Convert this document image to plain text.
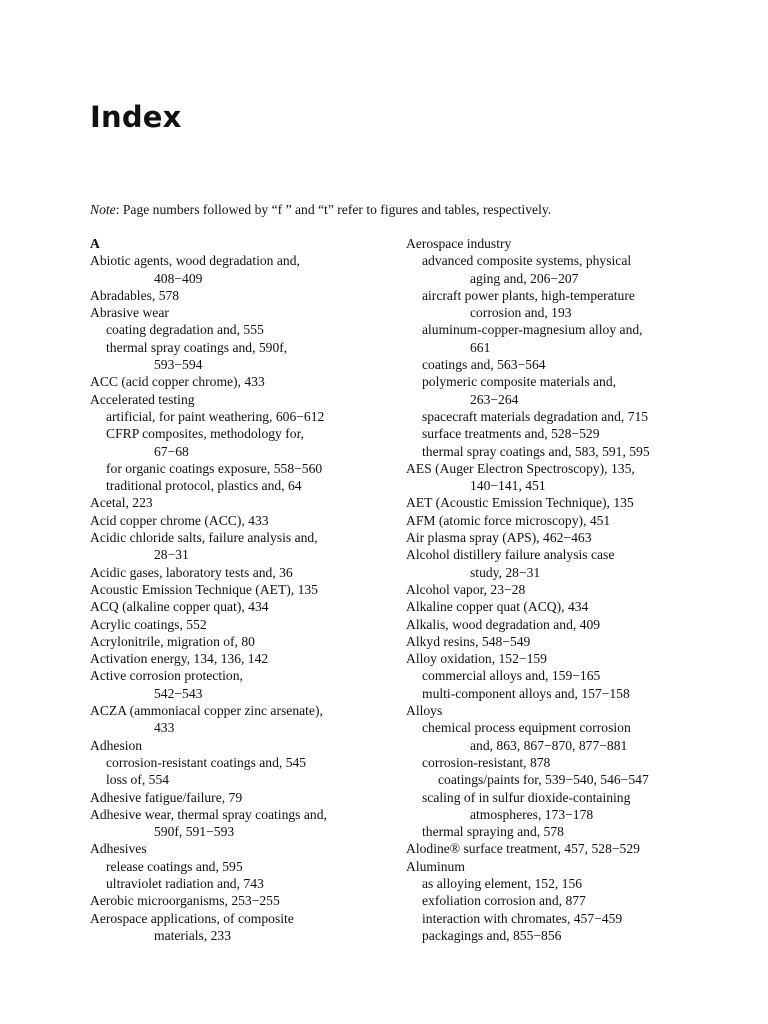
Index
Note: Page numbers followed by “f ” and “t” refer to figures and tables, respectively.
A
Abiotic agents, wood degradation and,
408−409
Abradables, 578
Abrasive wear
coating degradation and, 555
thermal spray coatings and, 590f,
593−594
ACC (acid copper chrome), 433
Accelerated testing
artificial, for paint weathering, 606−612
CFRP composites, methodology for,
67−68
for organic coatings exposure, 558−560
traditional protocol, plastics and, 64
Acetal, 223
Acid copper chrome (ACC), 433
Acidic chloride salts, failure analysis and,
28−31
Acidic gases, laboratory tests and, 36
Acoustic Emission Technique (AET), 135
ACQ (alkaline copper quat), 434
Acrylic coatings, 552
Acrylonitrile, migration of, 80
Activation energy, 134, 136, 142
Active corrosion protection,
542−543
ACZA (ammoniacal copper zinc arsenate),
433
Adhesion
corrosion-resistant coatings and, 545
loss of, 554
Adhesive fatigue/failure, 79
Adhesive wear, thermal spray coatings and,
590f, 591−593
Adhesives
release coatings and, 595
ultraviolet radiation and, 743
Aerobic microorganisms, 253−255
Aerospace applications, of composite
materials, 233
Aerospace industry
advanced composite systems, physical
aging and, 206−207
aircraft power plants, high-temperature
corrosion and, 193
aluminum-copper-magnesium alloy and,
661
coatings and, 563−564
polymeric composite materials and,
263−264
spacecraft materials degradation and, 715
surface treatments and, 528−529
thermal spray coatings and, 583, 591, 595
AES (Auger Electron Spectroscopy), 135,
140−141, 451
AET (Acoustic Emission Technique), 135
AFM (atomic force microscopy), 451
Air plasma spray (APS), 462−463
Alcohol distillery failure analysis case
study, 28−31
Alcohol vapor, 23−28
Alkaline copper quat (ACQ), 434
Alkalis, wood degradation and, 409
Alkyd resins, 548−549
Alloy oxidation, 152−159
commercial alloys and, 159−165
multi-component alloys and, 157−158
Alloys
chemical process equipment corrosion
and, 863, 867−870, 877−881
corrosion-resistant, 878
coatings/paints for, 539−540, 546−547
scaling of in sulfur dioxide-containing
atmospheres, 173−178
thermal spraying and, 578
Alodine® surface treatment, 457, 528−529
Aluminum
as alloying element, 152, 156
exfoliation corrosion and, 877
interaction with chromates, 457−459
packagings and, 855−856
